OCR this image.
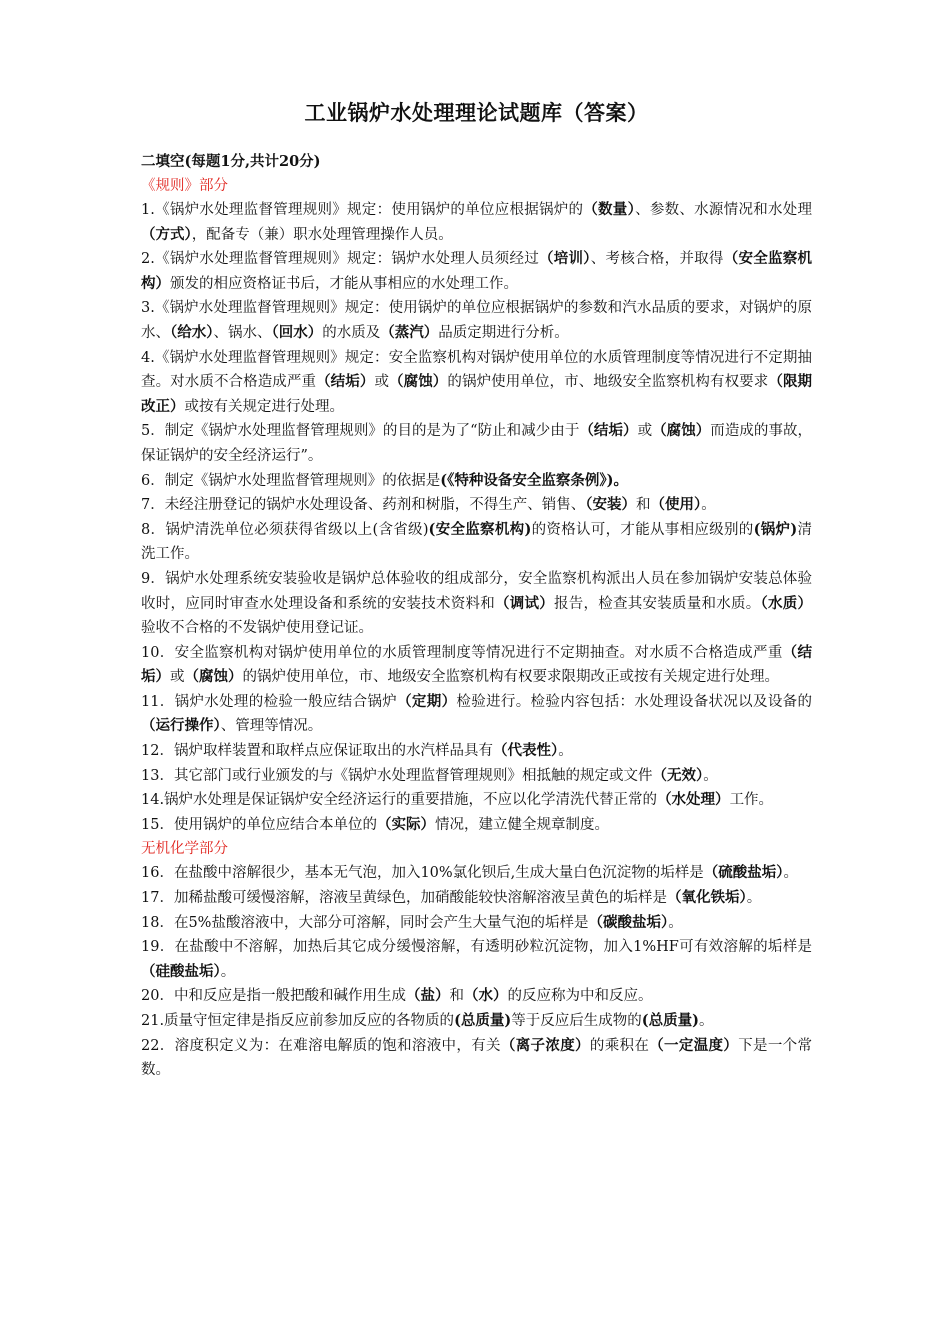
工业锅炉水处理理论试题库（答案）

二填空(每题1分,共计20分)

《规则》部分

1.《锅炉水处理监督管理规则》规定：使用锅炉的单位应根据锅炉的（数量）、参数、水源情况和水处理（方式），配备专（兼）职水处理管理操作人员。

2.《锅炉水处理监督管理规则》规定：锅炉水处理人员须经过（培训）、考核合格，并取得（安全监察机构）颁发的相应资格证书后，才能从事相应的水处理工作。

3.《锅炉水处理监督管理规则》规定：使用锅炉的单位应根据锅炉的参数和汽水品质的要求，对锅炉的原水、（给水）、锅水、（回水）的水质及（蒸汽）品质定期进行分析。

4.《锅炉水处理监督管理规则》规定：安全监察机构对锅炉使用单位的水质管理制度等情况进行不定期抽查。对水质不合格造成严重（结垢）或（腐蚀）的锅炉使用单位，市、地级安全监察机构有权要求（限期改正）或按有关规定进行处理。

5．制定《锅炉水处理监督管理规则》的目的是为了“防止和减少由于（结垢）或（腐蚀）而造成的事故，保证锅炉的安全经济运行”。

6．制定《锅炉水处理监督管理规则》的依据是(《特种设备安全监察条例》)。

7．未经注册登记的锅炉水处理设备、药剂和树脂，不得生产、销售、（安装）和（使用）。

8．锅炉清洗单位必须获得省级以上(含省级)(安全监察机构)的资格认可，才能从事相应级别的(锅炉)清洗工作。

9．锅炉水处理系统安装验收是锅炉总体验收的组成部分，安全监察机构派出人员在参加锅炉安装总体验收时，应同时审查水处理设备和系统的安装技术资料和（调试）报告，检查其安装质量和水质。（水质）验收不合格的不发锅炉使用登记证。

10．安全监察机构对锅炉使用单位的水质管理制度等情况进行不定期抽查。对水质不合格造成严重（结垢）或（腐蚀）的锅炉使用单位，市、地级安全监察机构有权要求限期改正或按有关规定进行处理。

11．锅炉水处理的检验一般应结合锅炉（定期）检验进行。检验内容包括：水处理设备状况以及设备的（运行操作）、管理等情况。

12．锅炉取样装置和取样点应保证取出的水汽样品具有（代表性）。

13．其它部门或行业颁发的与《锅炉水处理监督管理规则》相抵触的规定或文件（无效）。

14.锅炉水处理是保证锅炉安全经济运行的重要措施，不应以化学清洗代替正常的（水处理）工作。

15．使用锅炉的单位应结合本单位的（实际）情况，建立健全规章制度。

无机化学部分

16．在盐酸中溶解很少，基本无气泡，加入10%氯化钡后,生成大量白色沉淀物的垢样是（硫酸盐垢）。

17．加稀盐酸可缓慢溶解，溶液呈黄绿色，加硝酸能较快溶解溶液呈黄色的垢样是（氧化铁垢）。

18．在5%盐酸溶液中，大部分可溶解，同时会产生大量气泡的垢样是（碳酸盐垢）。

19．在盐酸中不溶解，加热后其它成分缓慢溶解，有透明砂粒沉淀物，加入1%HF可有效溶解的垢样是（硅酸盐垢）。

20．中和反应是指一般把酸和碱作用生成（盐）和（水）的反应称为中和反应。

21.质量守恒定律是指反应前参加反应的各物质的(总质量)等于反应后生成物的(总质量)。

22．溶度积定义为：在难溶电解质的饱和溶液中，有关（离子浓度）的乘积在（一定温度）下是一个常数。
